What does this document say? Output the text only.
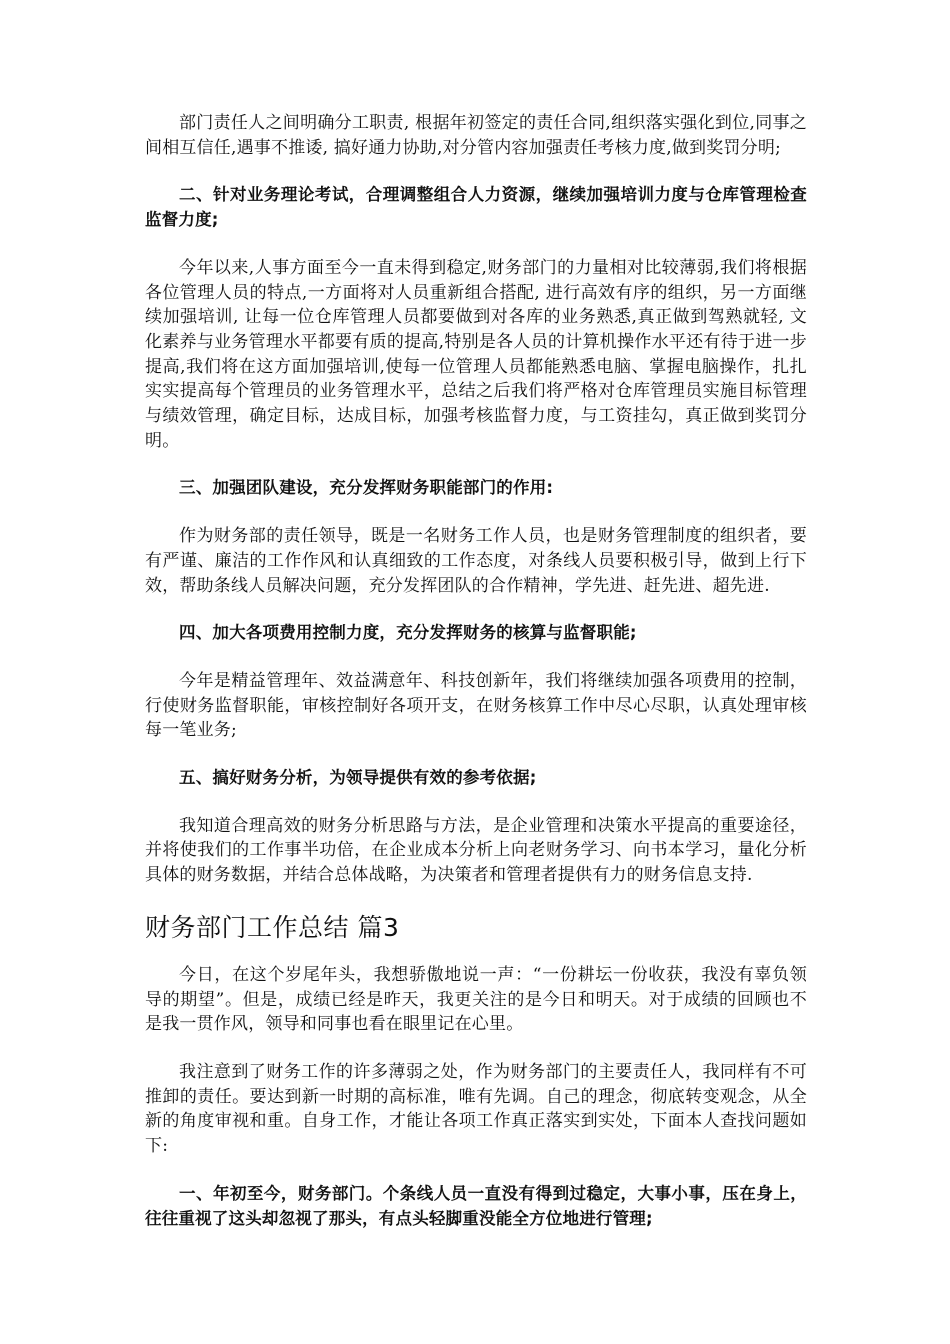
部门责任人之间明确分工职责, 根据年初签定的责任合同,组织落实强化到位,同事之间相互信任,遇事不推诿, 搞好通力协助,对分管内容加强责任考核力度,做到奖罚分明;

二、针对业务理论考试，合理调整组合人力资源，继续加强培训力度与仓库管理检查监督力度;

今年以来,人事方面至今一直未得到稳定,财务部门的力量相对比较薄弱,我们将根据各位管理人员的特点,一方面将对人员重新组合搭配, 进行高效有序的组织，另一方面继续加强培训, 让每一位仓库管理人员都要做到对各库的业务熟悉,真正做到驾熟就轻, 文化素养与业务管理水平都要有质的提高,特别是各人员的计算机操作水平还有待于进一步提高,我们将在这方面加强培训,使每一位管理人员都能熟悉电脑、掌握电脑操作，扎扎实实提高每个管理员的业务管理水平，总结之后我们将严格对仓库管理员实施目标管理与绩效管理，确定目标，达成目标，加强考核监督力度，与工资挂勾，真正做到奖罚分明。

三、加强团队建设，充分发挥财务职能部门的作用:

作为财务部的责任领导，既是一名财务工作人员，也是财务管理制度的组织者，要有严谨、廉洁的工作作风和认真细致的工作态度，对条线人员要积极引导，做到上行下效，帮助条线人员解决问题，充分发挥团队的合作精神，学先进、赶先进、超先进.

四、加大各项费用控制力度，充分发挥财务的核算与监督职能;

今年是精益管理年、效益满意年、科技创新年，我们将继续加强各项费用的控制，行使财务监督职能，审核控制好各项开支，在财务核算工作中尽心尽职，认真处理审核每一笔业务;

五、搞好财务分析，为领导提供有效的参考依据;

我知道合理高效的财务分析思路与方法，是企业管理和决策水平提高的重要途径，并将使我们的工作事半功倍，在企业成本分析上向老财务学习、向书本学习，量化分析具体的财务数据，并结合总体战略，为决策者和管理者提供有力的财务信息支持.

财务部门工作总结 篇3

今日，在这个岁尾年头，我想骄傲地说一声：“一份耕坛一份收获，我没有辜负领导的期望”。但是，成绩已经是昨天，我更关注的是今日和明天。对于成绩的回顾也不是我一贯作风，领导和同事也看在眼里记在心里。

我注意到了财务工作的许多薄弱之处，作为财务部门的主要责任人，我同样有不可推卸的责任。要达到新一时期的高标准，唯有先调。自己的理念，彻底转变观念，从全新的角度审视和重。自身工作，才能让各项工作真正落实到实处，下面本人查找问题如下:

一、年初至今，财务部门。个条线人员一直没有得到过稳定，大事小事，压在身上，往往重视了这头却忽视了那头，有点头轻脚重没能全方位地进行管理;
